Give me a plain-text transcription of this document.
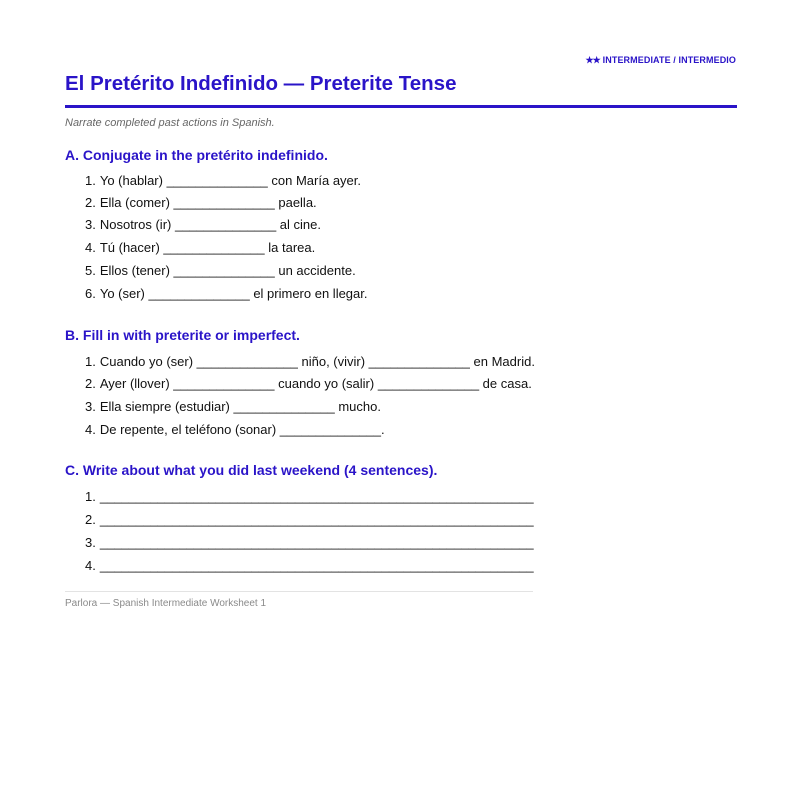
★★ INTERMEDIATE / INTERMEDIO
El Pretérito Indefinido — Preterite Tense
Narrate completed past actions in Spanish.
A. Conjugate in the pretérito indefinido.
1. Yo (hablar) ______________ con María ayer.
2. Ella (comer) ______________ paella.
3. Nosotros (ir) ______________ al cine.
4. Tú (hacer) ______________ la tarea.
5. Ellos (tener) ______________ un accidente.
6. Yo (ser) ______________ el primero en llegar.
B. Fill in with preterite or imperfect.
1. Cuando yo (ser) ______________ niño, (vivir) ______________ en Madrid.
2. Ayer (llover) ______________ cuando yo (salir) ______________ de casa.
3. Ella siempre (estudiar) ______________ mucho.
4. De repente, el teléfono (sonar) ______________.
C. Write about what you did last weekend (4 sentences).
1. ____________________________________________________________
2. ____________________________________________________________
3. ____________________________________________________________
4. ____________________________________________________________
Parlora — Spanish Intermediate Worksheet 1
